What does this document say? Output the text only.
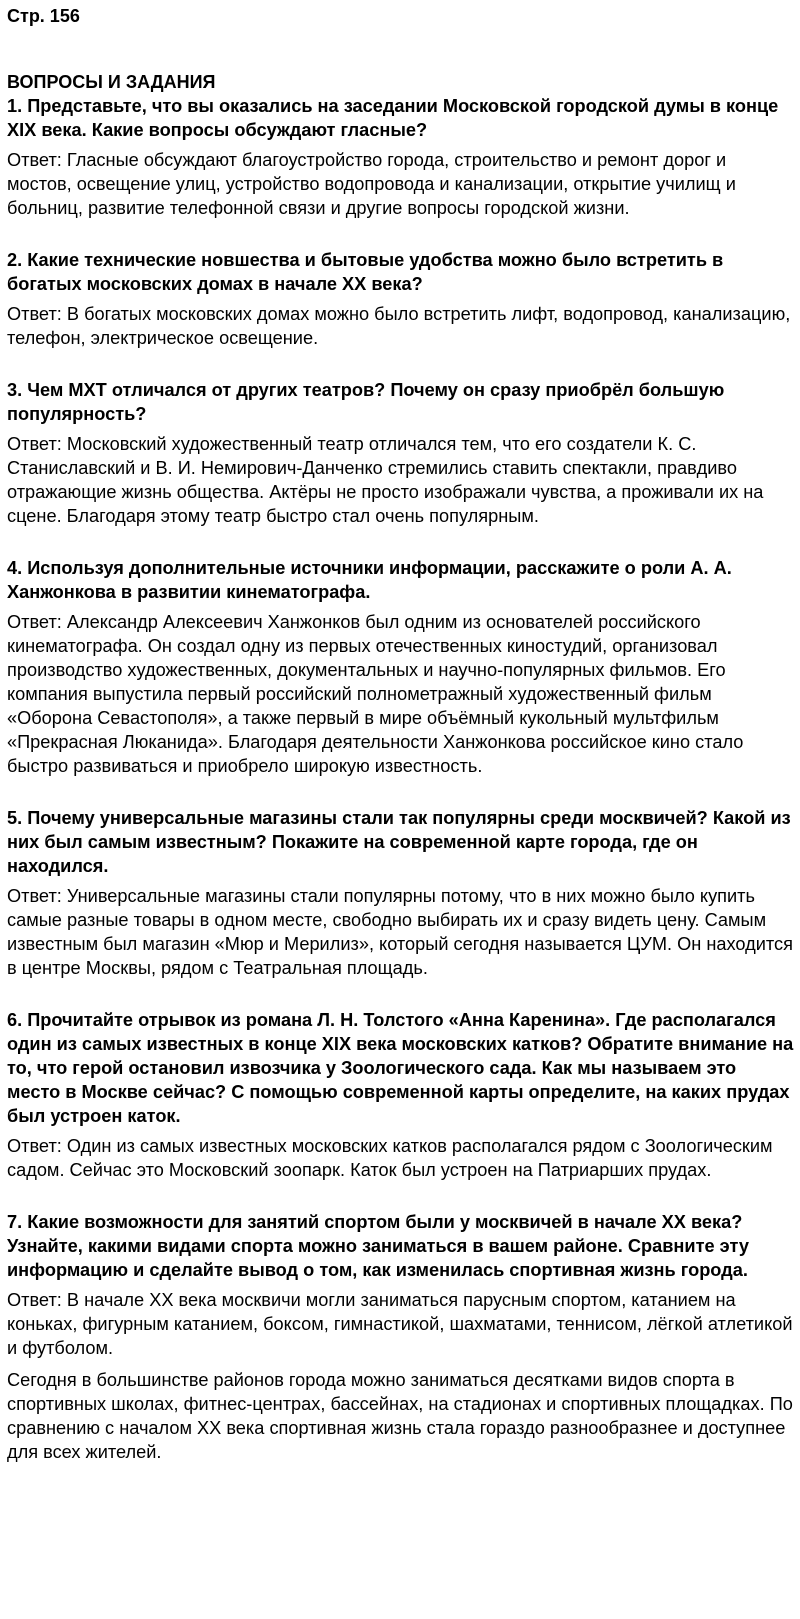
Стр. 156

ВОПРОСЫ И ЗАДАНИЯ

1. Представьте, что вы оказались на заседании Московской городской думы в конце XIX века. Какие вопросы обсуждают гласные?

Ответ: Гласные обсуждают благоустройство города, строительство и ремонт дорог и мостов, освещение улиц, устройство водопровода и канализации, открытие училищ и больниц, развитие телефонной связи и другие вопросы городской жизни.

2. Какие технические новшества и бытовые удобства можно было встретить в богатых московских домах в начале XX века?

Ответ: В богатых московских домах можно было встретить лифт, водопровод, канализацию, телефон, электрическое освещение.

3. Чем МХТ отличался от других театров? Почему он сразу приобрёл большую популярность?

Ответ: Московский художественный театр отличался тем, что его создатели К. С. Станиславский и В. И. Немирович-Данченко стремились ставить спектакли, правдиво отражающие жизнь общества. Актёры не просто изображали чувства, а проживали их на сцене. Благодаря этому театр быстро стал очень популярным.

4. Используя дополнительные источники информации, расскажите о роли А. А. Ханжонкова в развитии кинематографа.

Ответ: Александр Алексеевич Ханжонков был одним из основателей российского кинематографа. Он создал одну из первых отечественных киностудий, организовал производство художественных, документальных и научно-популярных фильмов. Его компания выпустила первый российский полнометражный художественный фильм «Оборона Севастополя», а также первый в мире объёмный кукольный мультфильм «Прекрасная Люканида». Благодаря деятельности Ханжонкова российское кино стало быстро развиваться и приобрело широкую известность.

5. Почему универсальные магазины стали так популярны среди москвичей? Какой из них был самым известным? Покажите на современной карте города, где он находился.

Ответ: Универсальные магазины стали популярны потому, что в них можно было купить самые разные товары в одном месте, свободно выбирать их и сразу видеть цену. Самым известным был магазин «Мюр и Мерилиз», который сегодня называется ЦУМ. Он находится в центре Москвы, рядом с Театральная площадь.

6. Прочитайте отрывок из романа Л. Н. Толстого «Анна Каренина». Где располагался один из самых известных в конце XIX века московских катков? Обратите внимание на то, что герой остановил извозчика у Зоологического сада. Как мы называем это место в Москве сейчас? С помощью современной карты определите, на каких прудах был устроен каток.

Ответ: Один из самых известных московских катков располагался рядом с Зоологическим садом. Сейчас это Московский зоопарк. Каток был устроен на Патриарших прудах.

7. Какие возможности для занятий спортом были у москвичей в начале XX века? Узнайте, какими видами спорта можно заниматься в вашем районе. Сравните эту информацию и сделайте вывод о том, как изменилась спортивная жизнь города.

Ответ: В начале XX века москвичи могли заниматься парусным спортом, катанием на коньках, фигурным катанием, боксом, гимнастикой, шахматами, теннисом, лёгкой атлетикой и футболом.

Сегодня в большинстве районов города можно заниматься десятками видов спорта в спортивных школах, фитнес-центрах, бассейнах, на стадионах и спортивных площадках. По сравнению с началом XX века спортивная жизнь стала гораздо разнообразнее и доступнее для всех жителей.
